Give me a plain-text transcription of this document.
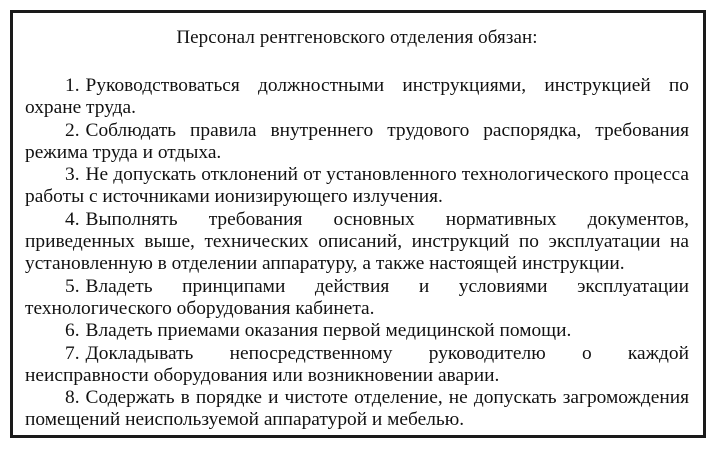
Персонал рентгеновского отделения обязан:

1. Руководствоваться должностными инструкциями, инструкцией по охране труда.
2. Соблюдать правила внутреннего трудового распорядка, требования режима труда и отдыха.
3. Не допускать отклонений от установленного технологического процесса работы с источниками ионизирующего излучения.
4. Выполнять требования основных нормативных документов, приведенных выше, технических описаний, инструкций по эксплуатации на установленную в отделении аппаратуру, а также настоящей инструкции.
5. Владеть принципами действия и условиями эксплуатации технологического оборудования кабинета.
6. Владеть приемами оказания первой медицинской помощи.
7. Докладывать непосредственному руководителю о каждой неисправности оборудования или возникновении аварии.
8. Содержать в порядке и чистоте отделение, не допускать загромождения помещений неиспользуемой аппаратурой и мебелью.
